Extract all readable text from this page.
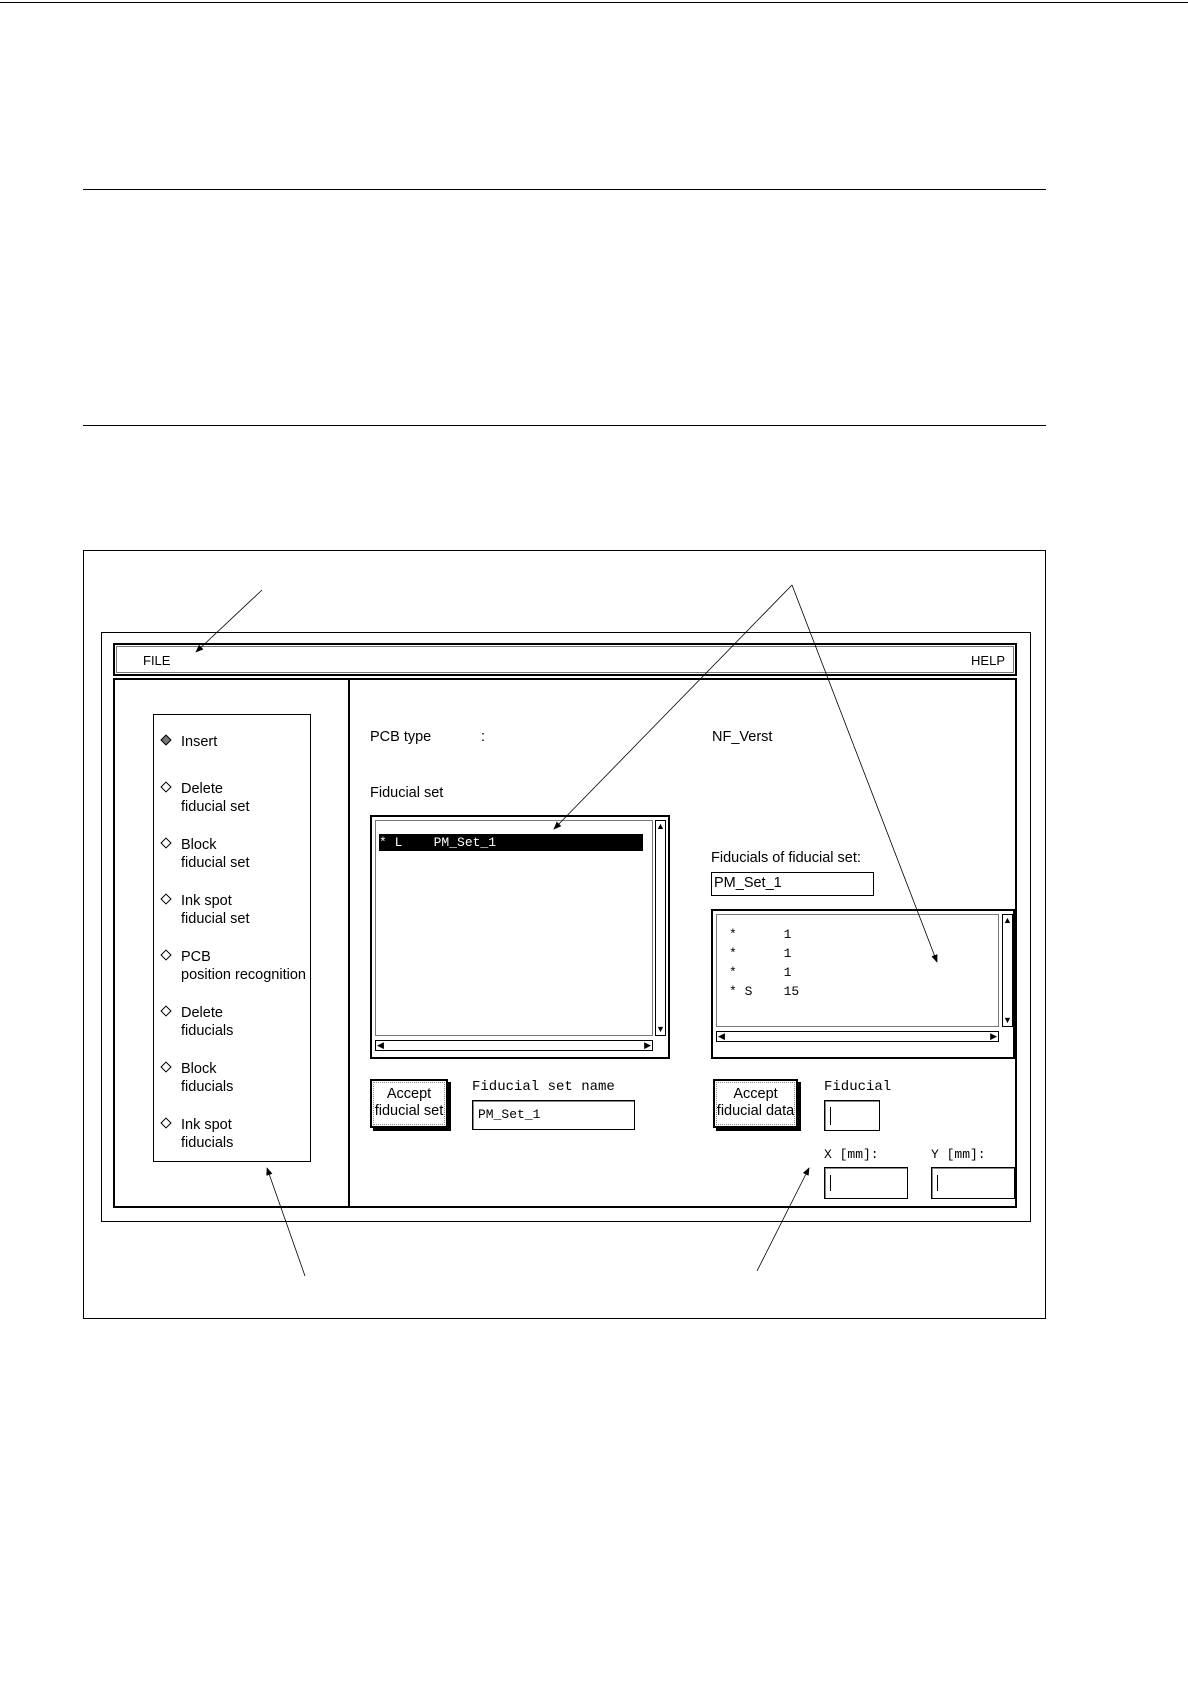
FILE	HELP
Insert
Delete
fiducial set
Block
fiducial set
Ink spot
fiducial set
PCB
position recognition
Delete
fiducials
Block
fiducials
Ink spot
fiducials
PCB type	:	NF_Verst
Fiducial set
* L    PM_Set_1
▲
▼
◀	▶
Fiducials of fiducial set:
PM_Set_1
*      1
*      1
*      1
* S    15
▲
▼
◀	▶
Accept
fiducial set
Fiducial set name
PM_Set_1
Accept
fiducial data
Fiducial
X [mm]:	Y [mm]:
